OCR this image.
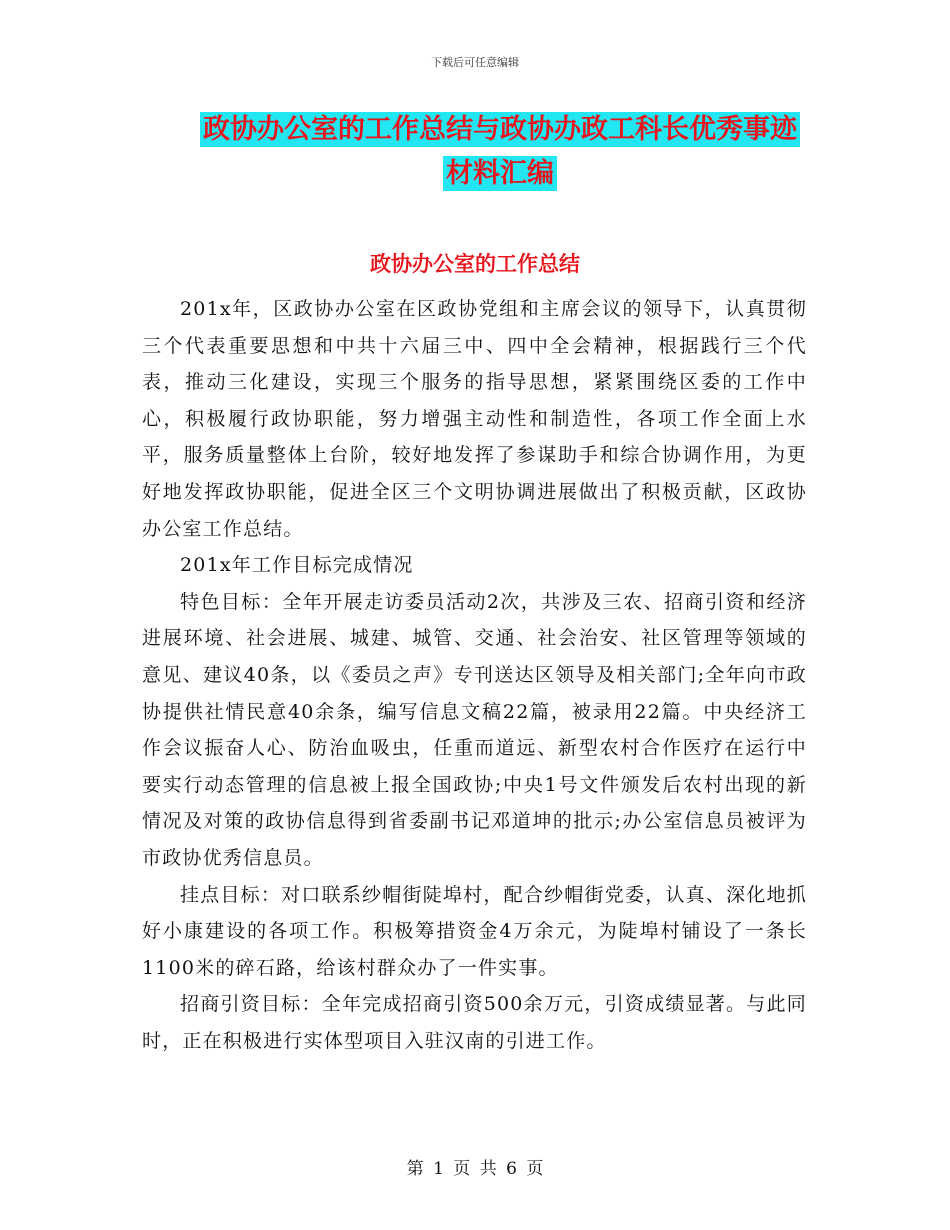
下载后可任意编辑
政协办公室的工作总结与政协办政工科长优秀事迹材料汇编
政协办公室的工作总结

201x年，区政协办公室在区政协党组和主席会议的领导下，认真贯彻三个代表重要思想和中共十六届三中、四中全会精神，根据践行三个代表，推动三化建设，实现三个服务的指导思想，紧紧围绕区委的工作中心，积极履行政协职能，努力增强主动性和制造性，各项工作全面上水平，服务质量整体上台阶，较好地发挥了参谋助手和综合协调作用，为更好地发挥政协职能，促进全区三个文明协调进展做出了积极贡献，区政协办公室工作总结。

201x年工作目标完成情况

特色目标：全年开展走访委员活动2次，共涉及三农、招商引资和经济进展环境、社会进展、城建、城管、交通、社会治安、社区管理等领域的意见、建议40条，以《委员之声》专刊送达区领导及相关部门;全年向市政协提供社情民意40余条，编写信息文稿22篇，被录用22篇。中央经济工作会议振奋人心、防治血吸虫，任重而道远、新型农村合作医疗在运行中要实行动态管理的信息被上报全国政协;中央1号文件颁发后农村出现的新情况及对策的政协信息得到省委副书记邓道坤的批示;办公室信息员被评为市政协优秀信息员。

挂点目标：对口联系纱帽街陡埠村，配合纱帽街党委，认真、深化地抓好小康建设的各项工作。积极筹措资金4万余元，为陡埠村铺设了一条长1100米的碎石路，给该村群众办了一件实事。

招商引资目标：全年完成招商引资500余万元，引资成绩显著。与此同时，正在积极进行实体型项目入驻汉南的引进工作。

第 1 页 共 6 页
